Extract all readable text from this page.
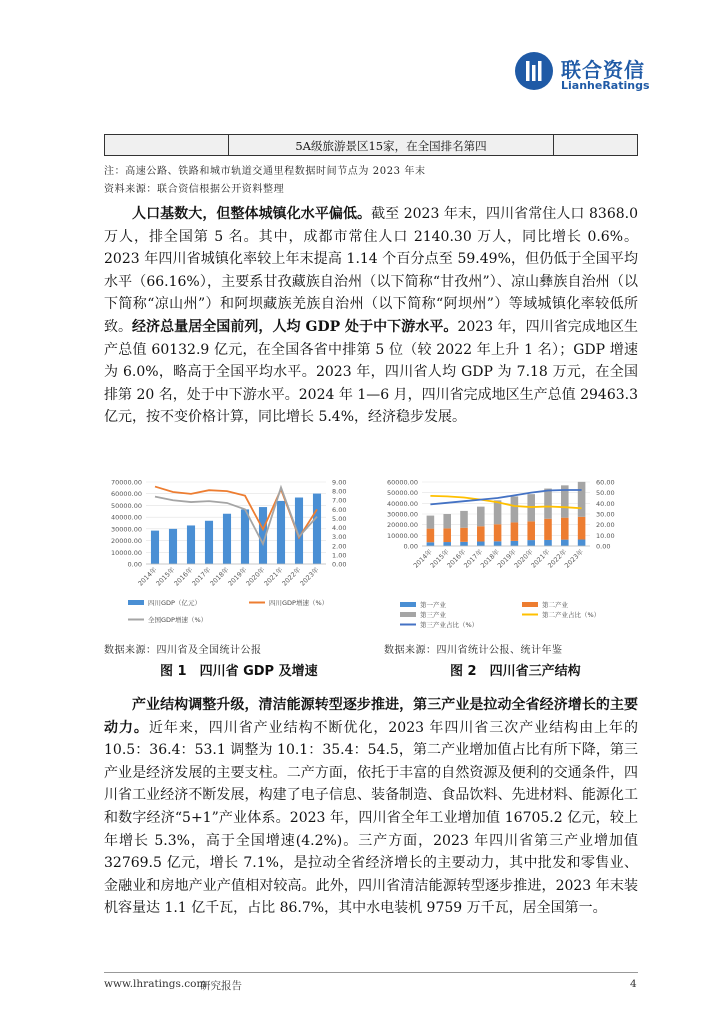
联合资信
LianheRatings
5A级旅游景区15家，在全国排名第四
注：高速公路、铁路和城市轨道交通里程数据时间节点为 2023 年末
资料来源：联合资信根据公开资料整理

人口基数大，但整体城镇化水平偏低。截至 2023 年末，四川省常住人口 8368.0 万人，排全国第 5 名。其中，成都市常住人口 2140.30 万人，同比增长 0.6%。2023 年四川省城镇化率较上年末提高 1.14 个百分点至 59.49%，但仍低于全国平均水平（66.16%），主要系甘孜藏族自治州（以下简称“甘孜州”）、凉山彝族自治州（以下简称“凉山州”）和阿坝藏族羌族自治州（以下简称“阿坝州”）等域城镇化率较低所致。 经济总量居全国前列，人均 GDP 处于中下游水平。2023 年，四川省完成地区生产总值 60132.9 亿元，在全国各省中排第 5 位（较 2022 年上升 1 名）；GDP 增速为 6.0%，略高于全国平均水平。2023 年，四川省人均 GDP 为 7.18 万元，在全国排第 20 名，处于中下游水平。2024 年 1—6 月，四川省完成地区生产总值 29463.3 亿元，按不变价格计算，同比增长 5.4%，经济稳步发展。

70000.00
60000.00
50000.00
40000.00
30000.00
20000.00
10000.00
0.00
9.00
8.00
7.00
6.00
5.00
4.00
3.00
2.00
1.00
0.00
2014年
2015年
2016年
2017年
2018年
2019年
2020年
2021年
2022年
2023年
四川GDP（亿元）	四川GDP增速（%）
全国GDP增速（%）
数据来源：四川省及全国统计公报
图 1　四川省 GDP 及增速
60000.00
50000.00
40000.00
30000.00
20000.00
10000.00
0.00
60.00
50.00
40.00
30.00
20.00
10.00
0.00
2014年
2015年
2016年
2017年
2018年
2019年
2020年
2021年
2022年
2023年
第一产业	第二产业
第三产业	第二产业占比（%）
第三产业占比（%）
数据来源：四川省统计公报、统计年鉴
图 2　四川省三产结构

产业结构调整升级，清洁能源转型逐步推进，第三产业是拉动全省经济增长的主要动力。近年来，四川省产业结构不断优化，2023 年四川省三次产业结构由上年的 10.5：36.4：53.1 调整为 10.1：35.4：54.5，第二产业增加值占比有所下降，第三产业是经济发展的主要支柱。二产方面，依托于丰富的自然资源及便利的交通条件，四川省工业经济不断发展，构建了电子信息、装备制造、食品饮料、先进材料、能源化工和数字经济“5+1”产业体系。2023 年，四川省全年工业增加值 16705.2 亿元，较上年增长 5.3%，高于全国增速(4.2%)。三产方面，2023 年四川省第三产业增加值 32769.5 亿元，增长 7.1%，是拉动全省经济增长的主要动力，其中批发和零售业、金融业和房地产业产值相对较高。此外，四川省清洁能源转型逐步推进，2023 年末装机容量达 1.1 亿千瓦，占比 86.7%，其中水电装机 9759 万千瓦，居全国第一。

www.lhratings.com
研究报告	4
